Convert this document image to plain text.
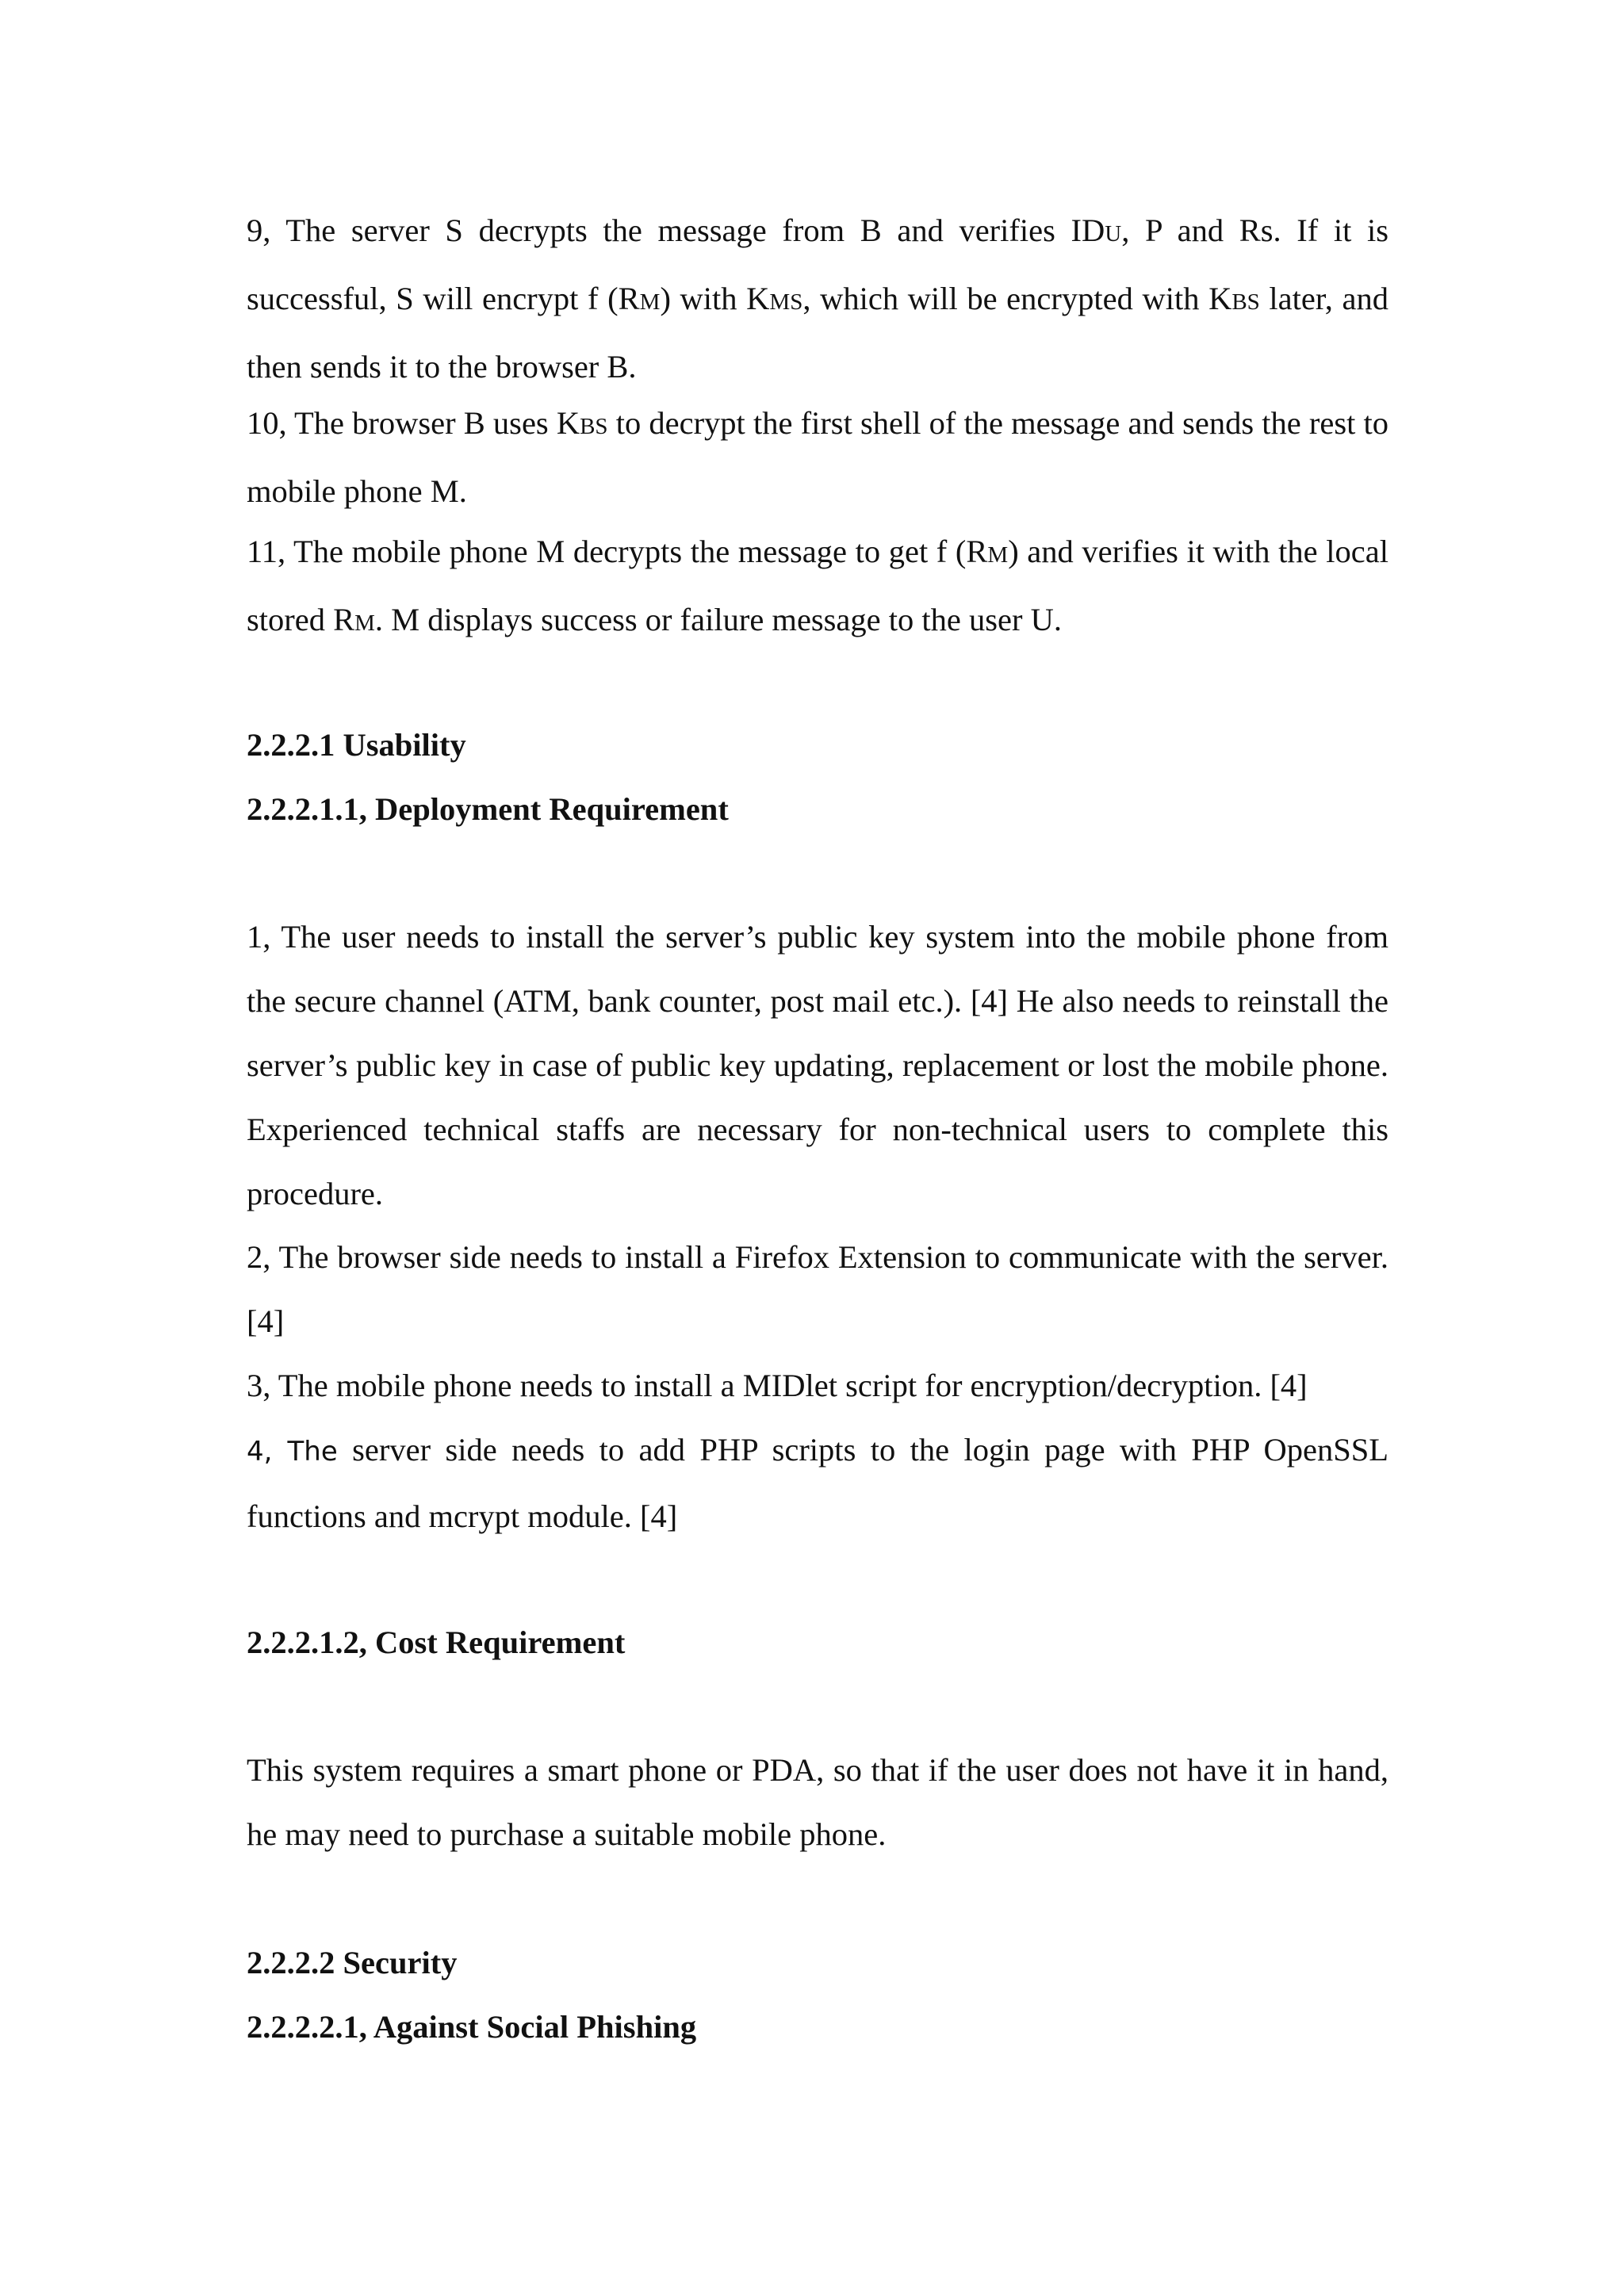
9, The server S decrypts the message from B and verifies IDU, P and Rs. If it is successful, S will encrypt f (RM) with KMS, which will be encrypted with KBS later, and then sends it to the browser B.

10, The browser B uses KBS to decrypt the first shell of the message and sends the rest to mobile phone M.

11, The mobile phone M decrypts the message to get f (RM) and verifies it with the local stored RM. M displays success or failure message to the user U.

2.2.2.1 Usability
2.2.2.1.1, Deployment Requirement

1, The user needs to install the server’s public key system into the mobile phone from the secure channel (ATM, bank counter, post mail etc.). [4] He also needs to reinstall the server’s public key in case of public key updating, replacement or lost the mobile phone. Experienced technical staffs are necessary for non-technical users to complete this procedure.

2, The browser side needs to install a Firefox Extension to communicate with the server. [4]

3, The mobile phone needs to install a MIDlet script for encryption/decryption. [4]

4, The server side needs to add PHP scripts to the login page with PHP OpenSSL functions and mcrypt module. [4]

2.2.2.1.2, Cost Requirement

This system requires a smart phone or PDA, so that if the user does not have it in hand, he may need to purchase a suitable mobile phone.

2.2.2.2 Security
2.2.2.2.1, Against Social Phishing
